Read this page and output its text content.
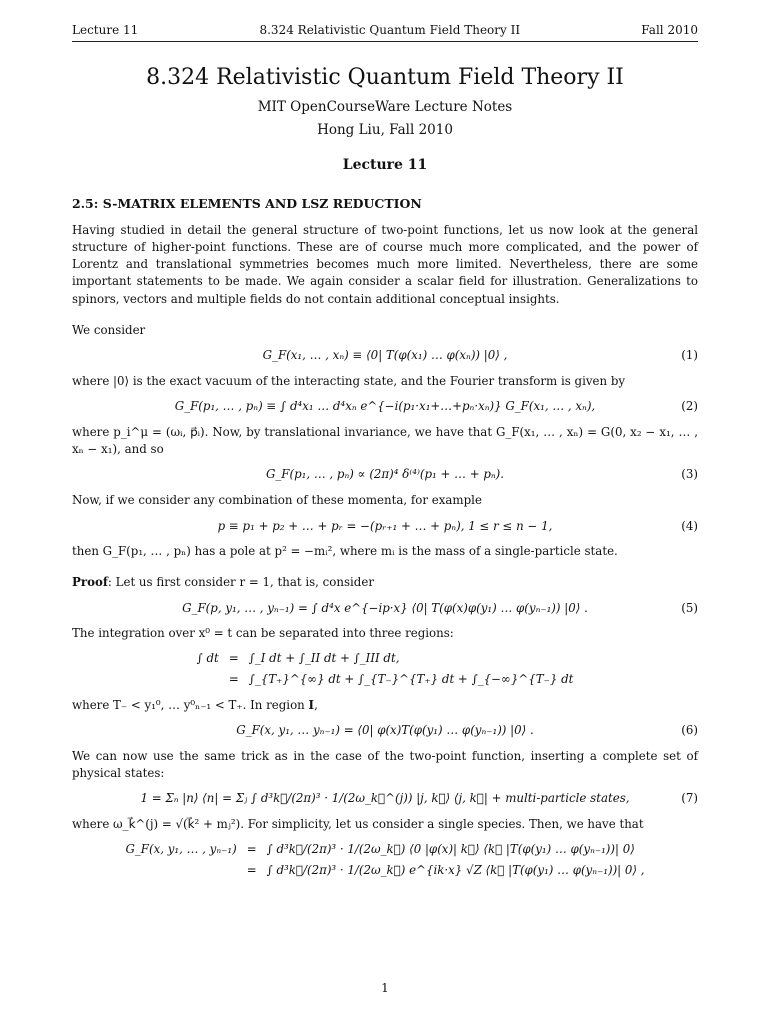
Lecture 11	8.324 Relativistic Quantum Field Theory II	Fall 2010
8.324 Relativistic Quantum Field Theory II
MIT OpenCourseWare Lecture Notes
Hong Liu, Fall 2010
Lecture 11
2.5: S-MATRIX ELEMENTS AND LSZ REDUCTION

Having studied in detail the general structure of two-point functions, let us now look at the general structure of higher-point functions. These are of course much more complicated, and the power of Lorentz and translational symmetries becomes much more limited. Nevertheless, there are some important statements to be made. We again consider a scalar field for illustration. Generalizations to spinors, vectors and multiple fields do not contain additional conceptual insights.

We consider

G_F(x₁, … , xₙ) ≡ ⟨0| T(φ(x₁) … φ(xₙ)) |0⟩ ,	(1)

where |0⟩ is the exact vacuum of the interacting state, and the Fourier transform is given by

G_F(p₁, … , pₙ) ≡ ∫ d⁴x₁ … d⁴xₙ e^{−i(p₁·x₁+…+pₙ·xₙ)} G_F(x₁, … , xₙ),	(2)

where p_i^μ = (ωᵢ, p⃗ᵢ). Now, by translational invariance, we have that G_F(x₁, … , xₙ) = G(0, x₂ − x₁, … , xₙ − x₁), and so

G_F(p₁, … , pₙ) ∝ (2π)⁴ δ⁽⁴⁾(p₁ + … + pₙ).	(3)

Now, if we consider any combination of these momenta, for example

p ≡ p₁ + p₂ + … + pᵣ = −(pᵣ₊₁ + … + pₙ), 1 ≤ r ≤ n − 1,	(4)

then G_F(p₁, … , pₙ) has a pole at p² = −mᵢ², where mᵢ is the mass of a single-particle state.

Proof: Let us first consider r = 1, that is, consider

G_F(p, y₁, … , yₙ₋₁) = ∫ d⁴x e^{−ip·x} ⟨0| T(φ(x)φ(y₁) … φ(yₙ₋₁)) |0⟩ .	(5)

The integration over x⁰ = t can be separated into three regions:

∫ dt	=	∫_I dt + ∫_II dt + ∫_III dt,
	=	∫_{T₊}^{∞} dt + ∫_{T₋}^{T₊} dt + ∫_{−∞}^{T₋} dt

where T₋ < y₁⁰, … y⁰ₙ₋₁ < T₊. In region I,

G_F(x, y₁, … yₙ₋₁) = ⟨0| φ(x)T(φ(y₁) … φ(yₙ₋₁)) |0⟩ .	(6)

We can now use the same trick as in the case of the two-point function, inserting a complete set of physical states:

1 = Σₙ |n⟩ ⟨n| = Σⱼ ∫ d³k⃗/(2π)³ · 1/(2ω_k⃗^(j)) |j, k⃗⟩ ⟨j, k⃗| + multi-particle states,	(7)

where ω_k⃗^(j) = √(k⃗² + mⱼ²). For simplicity, let us consider a single species. Then, we have that

G_F(x, y₁, … , yₙ₋₁)	=	∫ d³k⃗/(2π)³ · 1/(2ω_k⃗) ⟨0 |φ(x)| k⃗⟩ ⟨k⃗ |T(φ(y₁) … φ(yₙ₋₁))| 0⟩
	=	∫ d³k⃗/(2π)³ · 1/(2ω_k⃗) e^{ik·x} √Z ⟨k⃗ |T(φ(y₁) … φ(yₙ₋₁))| 0⟩ ,
1
